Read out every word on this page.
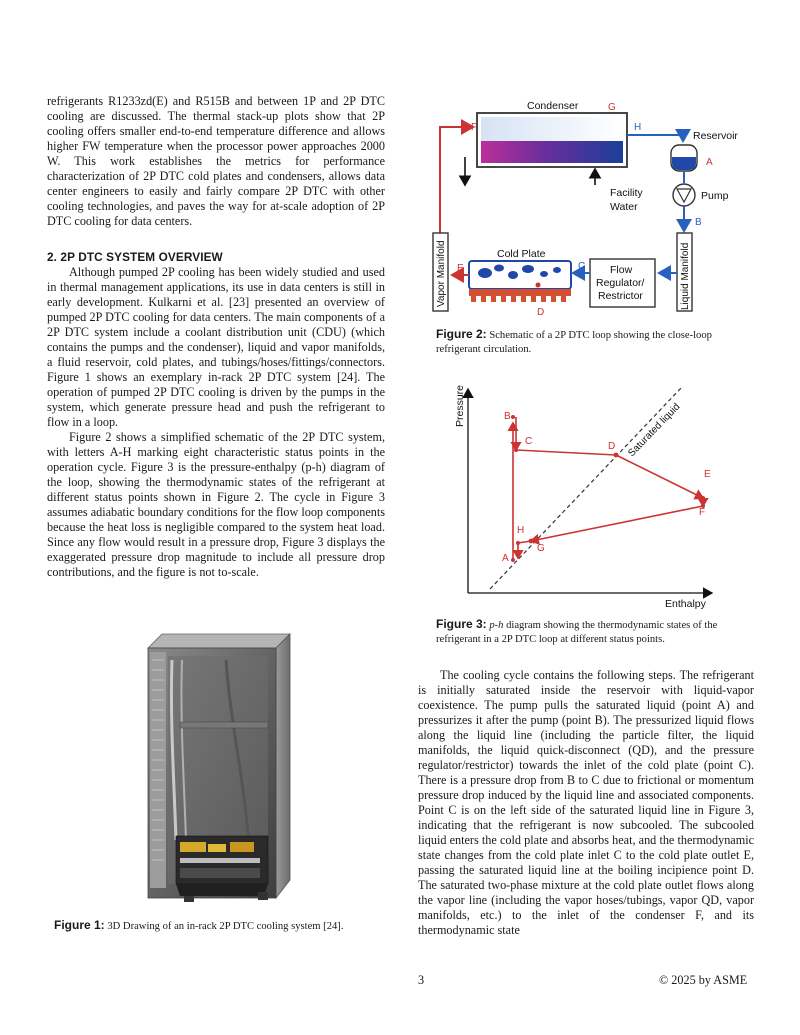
refrigerants R1233zd(E) and R515B and between 1P and 2P DTC cooling are discussed. The thermal stack-up plots show that 2P cooling offers smaller end-to-end temperature difference and allows higher FW temperature when the processor power approaches 2000 W. This work establishes the metrics for performance characterization of 2P DTC cold plates and condensers, allows data center engineers to easily and fairly compare 2P DTC with other cooling technologies, and paves the way for at-scale adoption of 2P DTC cooling for data centers.

2. 2P DTC SYSTEM OVERVIEW

Although pumped 2P cooling has been widely studied and used in thermal management applications, its use in data centers is still in early development. Kulkarni et al. [23] presented an overview of pumped 2P DTC cooling for data centers. The main components of a 2P DTC system include a coolant distribution unit (CDU) (which contains the pumps and the condenser), liquid and vapor manifolds, a fluid reservoir, cold plates, and tubings/hoses/fittings/connectors. Figure 1 shows an exemplary in-rack 2P DTC system [24]. The operation of pumped 2P DTC cooling is driven by the pumps in the system, which generate pressure head and push the refrigerant to flow in a loop.

Figure 2 shows a simplified schematic of the 2P DTC system, with letters A-H marking eight characteristic status points in the operation cycle. Figure 3 is the pressure-enthalpy (p-h) diagram of the loop, showing the thermodynamic states of the refrigerant at different status points shown in Figure 2. The cycle in Figure 3 assumes adiabatic boundary conditions for the flow loop components because the heat loss is negligible compared to the system heat load. Since any flow would result in a pressure drop, Figure 3 displays the exaggerated pressure drop magnitude to include all pressure drop contributions, and the figure is not to-scale.

Figure 1: 3D Drawing of an in-rack 2P DTC cooling system [24].
Condenser	G
F	H
Facility
Water
Reservoir
A
Pump
B
Liquid Manifold
Vapor Manifold	Flow
Regulator/
Restrictor
C
Cold Plate
D
E
Figure 2: Schematic of a 2P DTC loop showing the close-loop refrigerant circulation.
Pressure
Enthalpy
Saturated liquid
B
C	D
E
F
G
H
A
Figure 3: p-h diagram showing the thermodynamic states of the refrigerant in a 2P DTC loop at different status points.

The cooling cycle contains the following steps. The refrigerant is initially saturated inside the reservoir with liquid-vapor coexistence. The pump pulls the saturated liquid (point A) and pressurizes it after the pump (point B). The pressurized liquid flows along the liquid line (including the particle filter, the liquid manifolds, the liquid quick-disconnect (QD), and the pressure regulator/restrictor) towards the inlet of the cold plate (point C). There is a pressure drop from B to C due to frictional or momentum pressure drop induced by the liquid line and associated components. Point C is on the left side of the saturated liquid line in Figure 3, indicating that the refrigerant is now subcooled. The subcooled liquid enters the cold plate and absorbs heat, and the thermodynamic state changes from the cold plate inlet C to the cold plate outlet E, passing the saturated liquid line at the boiling incipience point D. The saturated two-phase mixture at the cold plate outlet flows along the vapor line (including the vapor hoses/tubings, vapor QD, vapor manifolds, etc.) to the inlet of the condenser F, and its thermodynamic state

3	© 2025 by ASME
